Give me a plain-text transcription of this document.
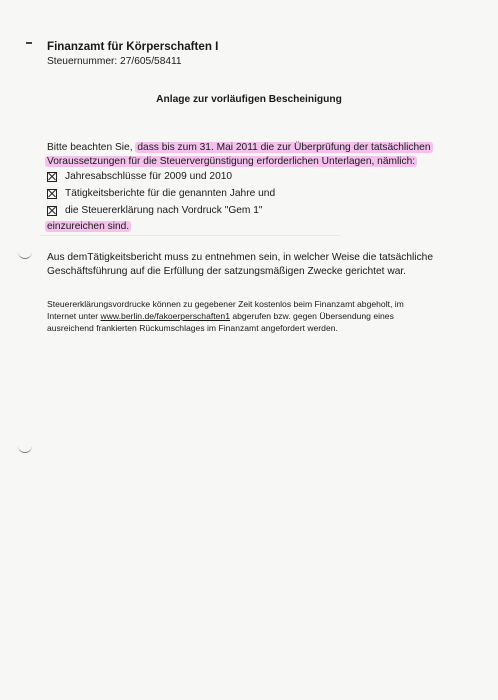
Finanzamt für Körperschaften I
Steuernummer: 27/605/58411
Anlage zur vorläufigen Bescheinigung
Bitte beachten Sie, dass bis zum 31. Mai 2011 die zur Überprüfung der tatsächlichen
Voraussetzungen für die Steuervergünstigung erforderlichen Unterlagen, nämlich:
Jahresabschlüsse für 2009 und 2010
Tätigkeitsberichte für die genannten Jahre und
die Steuererklärung nach Vordruck "Gem 1"
einzureichen sind.
Aus demTätigkeitsbericht muss zu entnehmen sein, in welcher Weise die tatsächliche
Geschäftsführung auf die Erfüllung der satzungsmäßigen Zwecke gerichtet war.
Steuererklärungsvordrucke können zu gegebener Zeit kostenlos beim Finanzamt abgeholt, im
Internet unter www.berlin.de/fakoerperschaften1 abgerufen bzw. gegen Übersendung eines
ausreichend frankierten Rückumschlages im Finanzamt angefordert werden.
